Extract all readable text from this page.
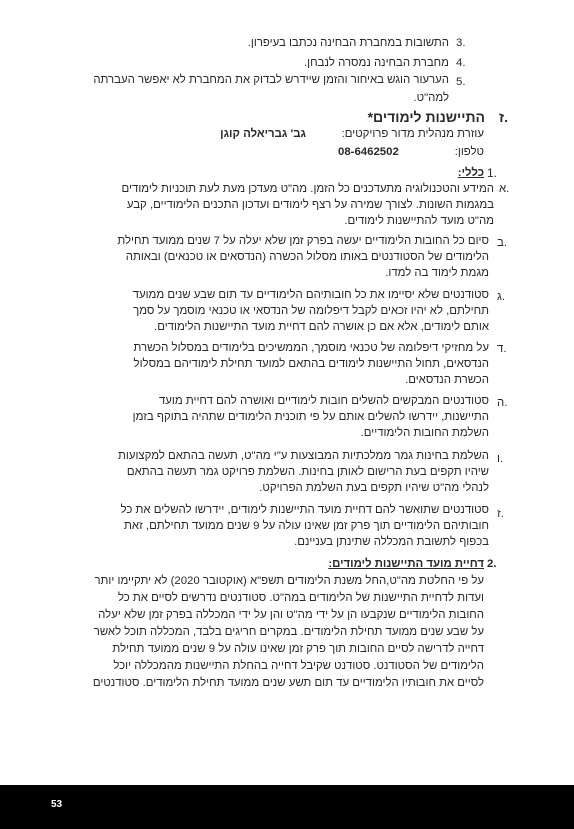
3.
התשובות במחברת הבחינה נכתבו בעיפרון.
4.
מחברת הבחינה נמסרה לנבחן.
5.
הערעור הוגש באיחור והזמן שיידרש לבדוק את המחברת לא יאפשר העברתה
למה"ט.
ז.
התיישנות לימודים*
עוזרת מנהלית מדור פרויקטים:
גב' גבריאלה קוגן
טלפון:
08-6462502
1.
כללי:
א.
המידע והטכנולוגיה מתעדכנים כל הזמן. מה"ט מעדכן מעת לעת תוכניות לימודים
במגמות השונות. לצורך שמירה על רצף לימודים ועדכון התכנים הלימודיים, קבע
מה"ט מועד להתיישנות לימודים.
ב.
סיום כל החובות הלימודיים יעשה בפרק זמן שלא יעלה על 7 שנים ממועד תחילת
הלימודים של הסטודנטים באותו מסלול הכשרה (הנדסאים או טכנאים) ובאותה
מגמת לימוד בה למדו.
ג.
סטודנטים שלא יסיימו את כל חובותיהם הלימודיים עד תום שבע שנים ממועד
תחילתם, לא יהיו זכאים לקבל דיפלומה של הנדסאי או טכנאי מוסמך על סמך
אותם לימודים, אלא אם כן אושרה להם דחיית מועד התיישנות הלימודים.
ד.
על מחזיקי דיפלומה של טכנאי מוסמך, הממשיכים בלימודים במסלול הכשרת
הנדסאים, תחול התיישנות לימודים בהתאם למועד תחילת לימודיהם במסלול
הכשרת הנדסאים.
ה.
סטודנטים המבקשים להשלים חובות לימודיים ואושרה להם דחיית מועד
התיישנות, יידרשו להשלים אותם על פי תוכנית הלימודים שתהיה בתוקף בזמן
השלמת החובות הלימודיים.
ו.
השלמת בחינות גמר ממלכתיות המבוצעות ע"י מה"ט, תעשה בהתאם למקצועות
שיהיו תקפים בעת הרישום לאותן בחינות. השלמת פרויקט גמר תעשה בהתאם
לנהלי מה"ט שיהיו תקפים בעת השלמת הפרויקט.
ז.
סטודנטים שתואשר להם דחיית מועד התיישנות לימודים, יידרשו להשלים את כל
חובותיהם הלימודיים תוך פרק זמן שאינו עולה על 9 שנים ממועד תחילתם, זאת
בכפוף לתשובת המכללה שתינתן בעניינם.
2.
דחיית מועד התיישנות לימודים:
על פי החלטת מה"ט,החל משנת הלימודים תשפ"א (אוקטובר 2020) לא יתקיימו יותר
ועדות לדחיית התיישנות של הלימודים במה"ט. סטודנטים נדרשים לסיים את כל
החובות הלימודיים שנקבעו הן על ידי מה"ט והן על ידי המכללה בפרק זמן שלא יעלה
על שבע שנים ממועד תחילת הלימודים. במקרים חריגים בלבד, המכללה תוכל לאשר
דחייה לדרישה לסיים החובות תוך פרק זמן שאינו עולה על 9 שנים ממועד תחילת
הלימודים של הסטודנט. סטודנט שקיבל דחייה בהחלת התיישנות מהמכללה יוכל
לסיים את חובותיו הלימודיים עד תום תשע שנים ממועד תחילת הלימודים. סטודנטים
53
